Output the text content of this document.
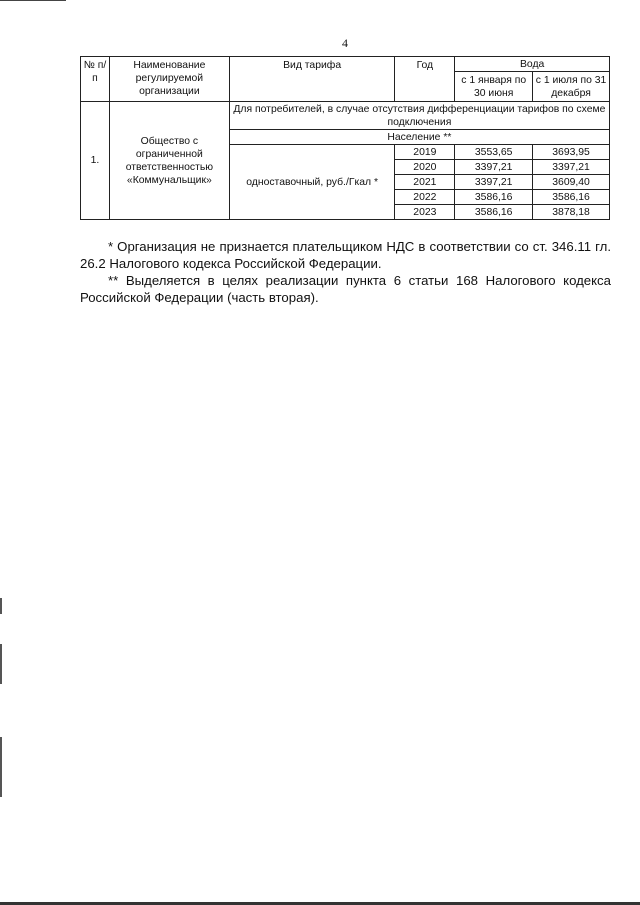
4
№ п/п	Наименование регулируемой организации	Вид тарифа	Год	Вода	
				с 1 января по 30 июня	с 1 июля по 31 декабря
1.	Общество с ограниченной ответственностью «Коммунальщик»	Для потребителей, в случае отсутствия дифференциации тарифов по схеме подключения			
		Население **			
		одноставочный, руб./Гкал *	2019	3553,65	3693,95
			2020	3397,21	3397,21
			2021	3397,21	3609,40
			2022	3586,16	3586,16
			2023	3586,16	3878,18

* Организация не признается плательщиком НДС в соответствии со ст. 346.11 гл. 26.2 Налогового кодекса Российской Федерации.

** Выделяется в целях реализации пункта 6 статьи 168 Налогового кодекса Российской Федерации (часть вторая).
